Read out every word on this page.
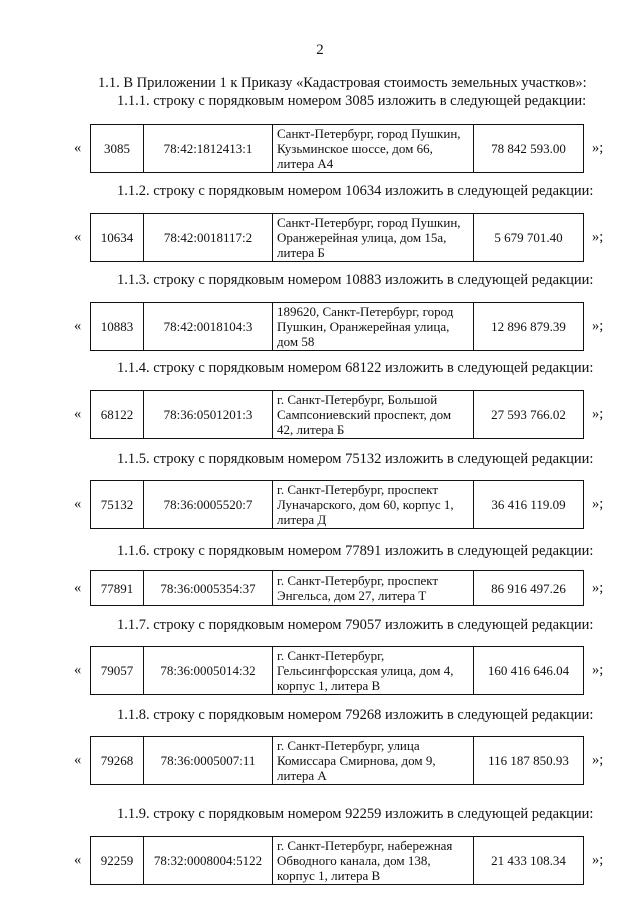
2
1.1. В Приложении 1 к Приказу «Кадастровая стоимость земельных участков»:
1.1.1. строку с порядковым номером 3085 изложить в следующей редакции:
« 3085	78:42:1812413:1	Санкт-Петербург, город Пушкин, Кузьминское шоссе, дом 66, литера А4	78 842 593.00 »;
1.1.2. строку с порядковым номером 10634 изложить в следующей редакции:
« 10634	78:42:0018117:2	Санкт-Петербург, город Пушкин, Оранжерейная улица, дом 15а, литера Б	5 679 701.40 »;
1.1.3. строку с порядковым номером 10883 изложить в следующей редакции:
« 10883	78:42:0018104:3	189620, Санкт-Петербург, город Пушкин, Оранжерейная улица, дом 58	12 896 879.39 »;
1.1.4. строку с порядковым номером 68122 изложить в следующей редакции:
« 68122	78:36:0501201:3	г. Санкт-Петербург, Большой Сампсониевский проспект, дом 42, литера Б	27 593 766.02 »;
1.1.5. строку с порядковым номером 75132 изложить в следующей редакции:
« 75132	78:36:0005520:7	г. Санкт-Петербург, проспект Луначарского, дом 60, корпус 1, литера Д	36 416 119.09 »;
1.1.6. строку с порядковым номером 77891 изложить в следующей редакции:
« 77891	78:36:0005354:37	г. Санкт-Петербург, проспект Энгельса, дом 27, литера Т	86 916 497.26 »;
1.1.7. строку с порядковым номером 79057 изложить в следующей редакции:
« 79057	78:36:0005014:32	г. Санкт-Петербург, Гельсингфорсская улица, дом 4, корпус 1, литера В	160 416 646.04 »;
1.1.8. строку с порядковым номером 79268 изложить в следующей редакции:
« 79268	78:36:0005007:11	г. Санкт-Петербург, улица Комиссара Смирнова, дом 9, литера А	116 187 850.93 »;
1.1.9. строку с порядковым номером 92259 изложить в следующей редакции:
« 92259	78:32:0008004:5122	г. Санкт-Петербург, набережная Обводного канала, дом 138, корпус 1, литера В	21 433 108.34 »;
